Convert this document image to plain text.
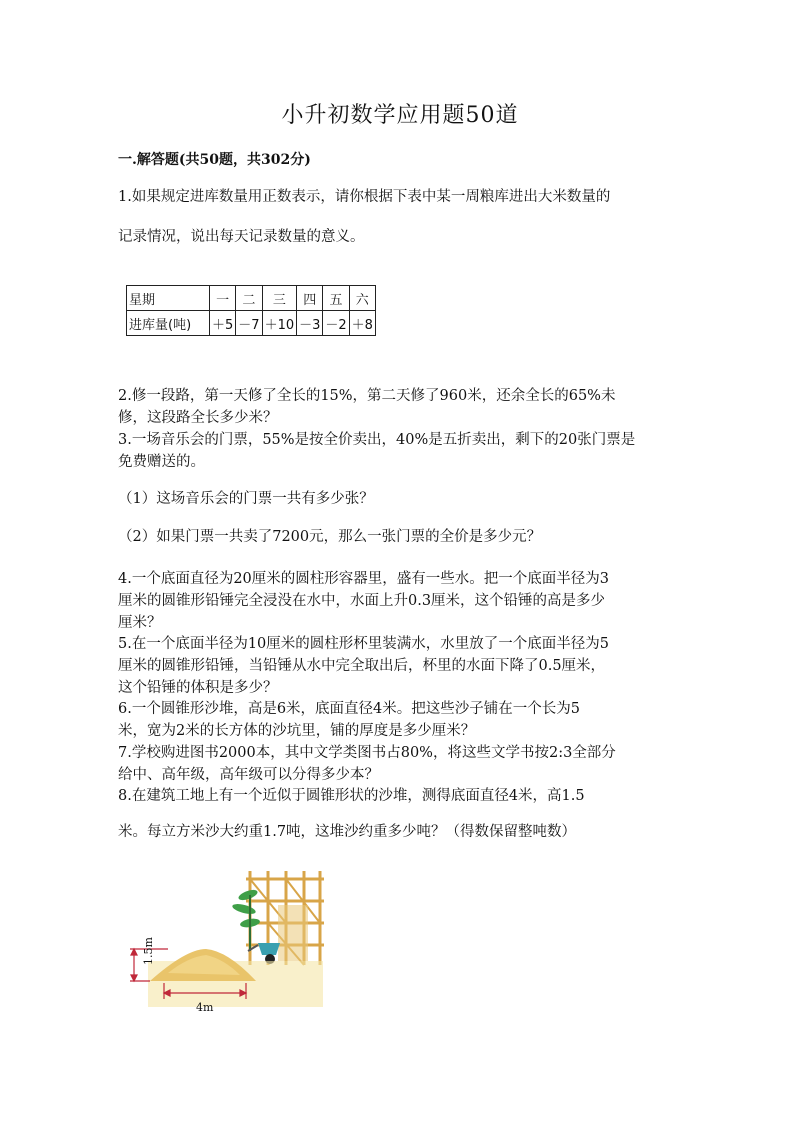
小升初数学应用题50道
一.解答题(共50题，共302分)

1.如果规定进库数量用正数表示，请你根据下表中某一周粮库进出大米数量的

记录情况，说出每天记录数量的意义。

星期	一	二	三	四	五	六
进库量(吨)	＋5	－7	＋10	－3	－2	＋8

2.修一段路，第一天修了全长的15%，第二天修了960米，还余全长的65%未

修，这段路全长多少米？

3.一场音乐会的门票，55%是按全价卖出，40%是五折卖出，剩下的20张门票是

免费赠送的。

（1）这场音乐会的门票一共有多少张？

（2）如果门票一共卖了7200元，那么一张门票的全价是多少元？

4.一个底面直径为20厘米的圆柱形容器里，盛有一些水。把一个底面半径为3

厘米的圆锥形铅锤完全浸没在水中，水面上升0.3厘米，这个铅锤的高是多少

厘米？

5.在一个底面半径为10厘米的圆柱形杯里装满水，水里放了一个底面半径为5

厘米的圆锥形铅锤，当铅锤从水中完全取出后，杯里的水面下降了0.5厘米，

这个铅锤的体积是多少？

6.一个圆锥形沙堆，高是6米，底面直径4米。把这些沙子铺在一个长为5

米，宽为2米的长方体的沙坑里，铺的厚度是多少厘米？

7.学校购进图书2000本，其中文学类图书占80%，将这些文学书按2:3全部分

给中、高年级，高年级可以分得多少本？

8.在建筑工地上有一个近似于圆锥形状的沙堆，测得底面直径4米，高1.5

米。每立方米沙大约重1.7吨，这堆沙约重多少吨？（得数保留整吨数）

1.5m
4m
